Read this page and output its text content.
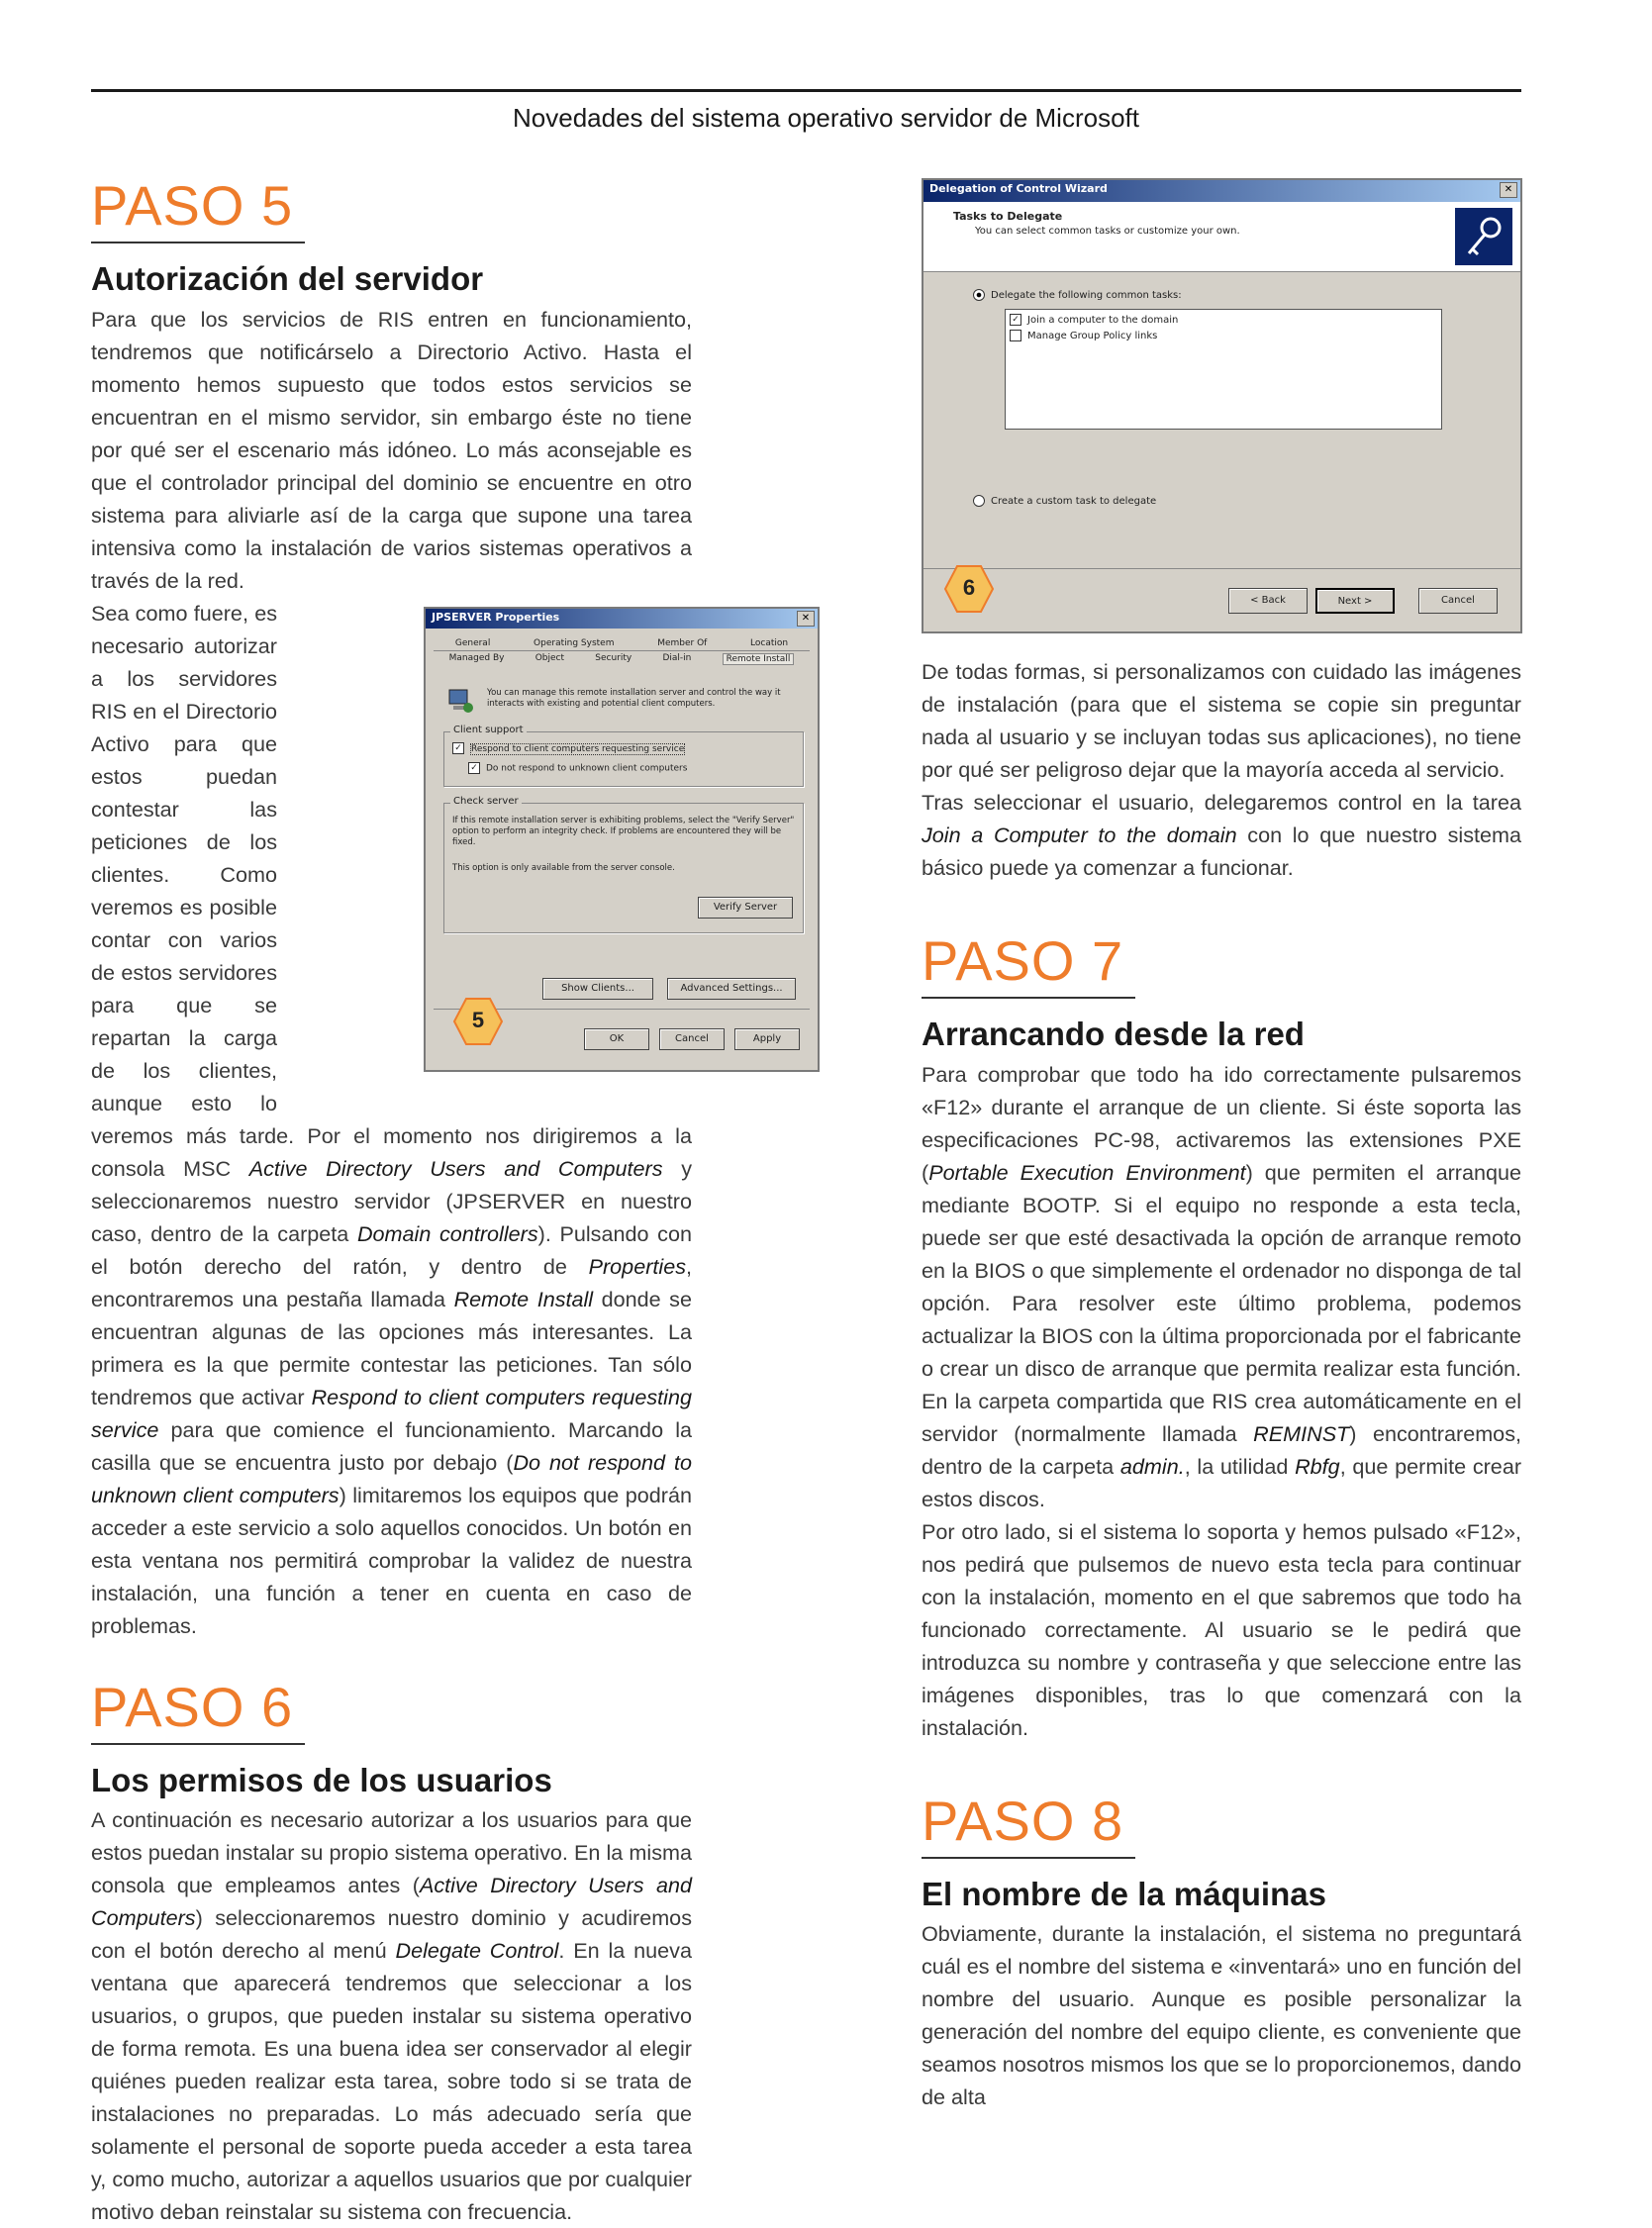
Novedades del sistema operativo servidor de Microsoft
PASO 5
Autorización del servidor

Para que los servicios de RIS entren en funcionamiento, tendremos que notificárselo a Directorio Activo. Hasta el momento hemos supuesto que todos estos servicios se encuentran en el mismo servidor, sin embargo éste no tiene por qué ser el escenario más idóneo. Lo más aconsejable es que el controlador principal del dominio se encuentre en otro sistema para aliviarle así de la carga que supone una tarea intensiva como la instalación de varios sistemas operativos a través de la red.

Sea como fuere, es necesario autorizar a los servidores RIS en el Directorio Activo para que estos puedan contestar las peticiones de los clientes. Como veremos es posible contar con varios de estos servidores para que se repartan la carga de los clientes, aunque esto lo veremos más tarde. Por el momento nos dirigiremos a la consola MSC Active Directory Users and Computers y seleccionaremos nuestro servidor (JPSERVER en nuestro caso, dentro de la carpeta Domain controllers). Pulsando con el botón derecho del ratón, y dentro de Properties, encontraremos una pestaña llamada Remote Install donde se encuentran algunas de las opciones más interesantes. La primera es la que permite contestar las peticiones. Tan sólo tendremos que activar Respond to client computers requesting service para que comience el funcionamiento. Marcando la casilla que se encuentra justo por debajo (Do not respond to unknown client computers) limitaremos los equipos que podrán acceder a este servicio a solo aquellos conocidos. Un botón en esta ventana nos permitirá comprobar la validez de nuestra instalación, una función a tener en cuenta en caso de problemas.

PASO 6
Los permisos de los usuarios

A continuación es necesario autorizar a los usuarios para que estos puedan instalar su propio sistema operativo. En la misma consola que empleamos antes (Active Directory Users and Computers) seleccionaremos nuestro dominio y acudiremos con el botón derecho al menú Delegate Control. En la nueva ventana que aparecerá tendremos que seleccionar a los usuarios, o grupos, que pueden instalar su sistema operativo de forma remota. Es una buena idea ser conservador al elegir quiénes pueden realizar esta tarea, sobre todo si se trata de instalaciones no preparadas. Lo más adecuado sería que solamente el personal de soporte pueda acceder a esta tarea y, como mucho, autorizar a aquellos usuarios que por cualquier motivo deban reinstalar su sistema con frecuencia.

JPSERVER Properties	✕
General	Operating System	Member Of	Location
Managed By	Object	Security	Dial-in	Remote Install
You can manage this remote installation server and control the way it interacts with existing and potential client computers.
Client support
✓ Respond to client computers requesting service
✓ Do not respond to unknown client computers
Check server
If this remote installation server is exhibiting problems, select the "Verify Server" option to perform an integrity check. If problems are encountered they will be fixed.
This option is only available from the server console.
Verify Server
Show Clients...	Advanced Settings...
OK	Cancel	Apply
5
Delegation of Control Wizard	✕
Tasks to Delegate
You can select common tasks or customize your own.
Delegate the following common tasks:
✓ Join a computer to the domain
Manage Group Policy links
Create a custom task to delegate
< Back	Next >	Cancel
6

De todas formas, si personalizamos con cuidado las imágenes de instalación (para que el sistema se copie sin preguntar nada al usuario y se incluyan todas sus aplicaciones), no tiene por qué ser peligroso dejar que la mayoría acceda al servicio.

Tras seleccionar el usuario, delegaremos control en la tarea Join a Computer to the domain con lo que nuestro sistema básico puede ya comenzar a funcionar.

PASO 7
Arrancando desde la red

Para comprobar que todo ha ido correctamente pulsaremos «F12» durante el arranque de un cliente. Si éste soporta las especificaciones PC-98, activaremos las extensiones PXE (Portable Execution Environment) que permiten el arranque mediante BOOTP. Si el equipo no responde a esta tecla, puede ser que esté desactivada la opción de arranque remoto en la BIOS o que simplemente el ordenador no disponga de tal opción. Para resolver este último problema, podemos actualizar la BIOS con la última proporcionada por el fabricante o crear un disco de arranque que permita realizar esta función. En la carpeta compartida que RIS crea automáticamente en el servidor (normalmente llamada REMINST) encontraremos, dentro de la carpeta admin., la utilidad Rbfg, que permite crear estos discos.

Por otro lado, si el sistema lo soporta y hemos pulsado «F12», nos pedirá que pulsemos de nuevo esta tecla para continuar con la instalación, momento en el que sabremos que todo ha funcionado correctamente. Al usuario se le pedirá que introduzca su nombre y contraseña y que seleccione entre las imágenes disponibles, tras lo que comenzará con la instalación.

PASO 8
El nombre de la máquinas

Obviamente, durante la instalación, el sistema no preguntará cuál es el nombre del sistema e «inventará» uno en función del nombre del usuario. Aunque es posible personalizar la generación del nombre del equipo cliente, es conveniente que seamos nosotros mismos los que se lo proporcionemos, dando de alta
